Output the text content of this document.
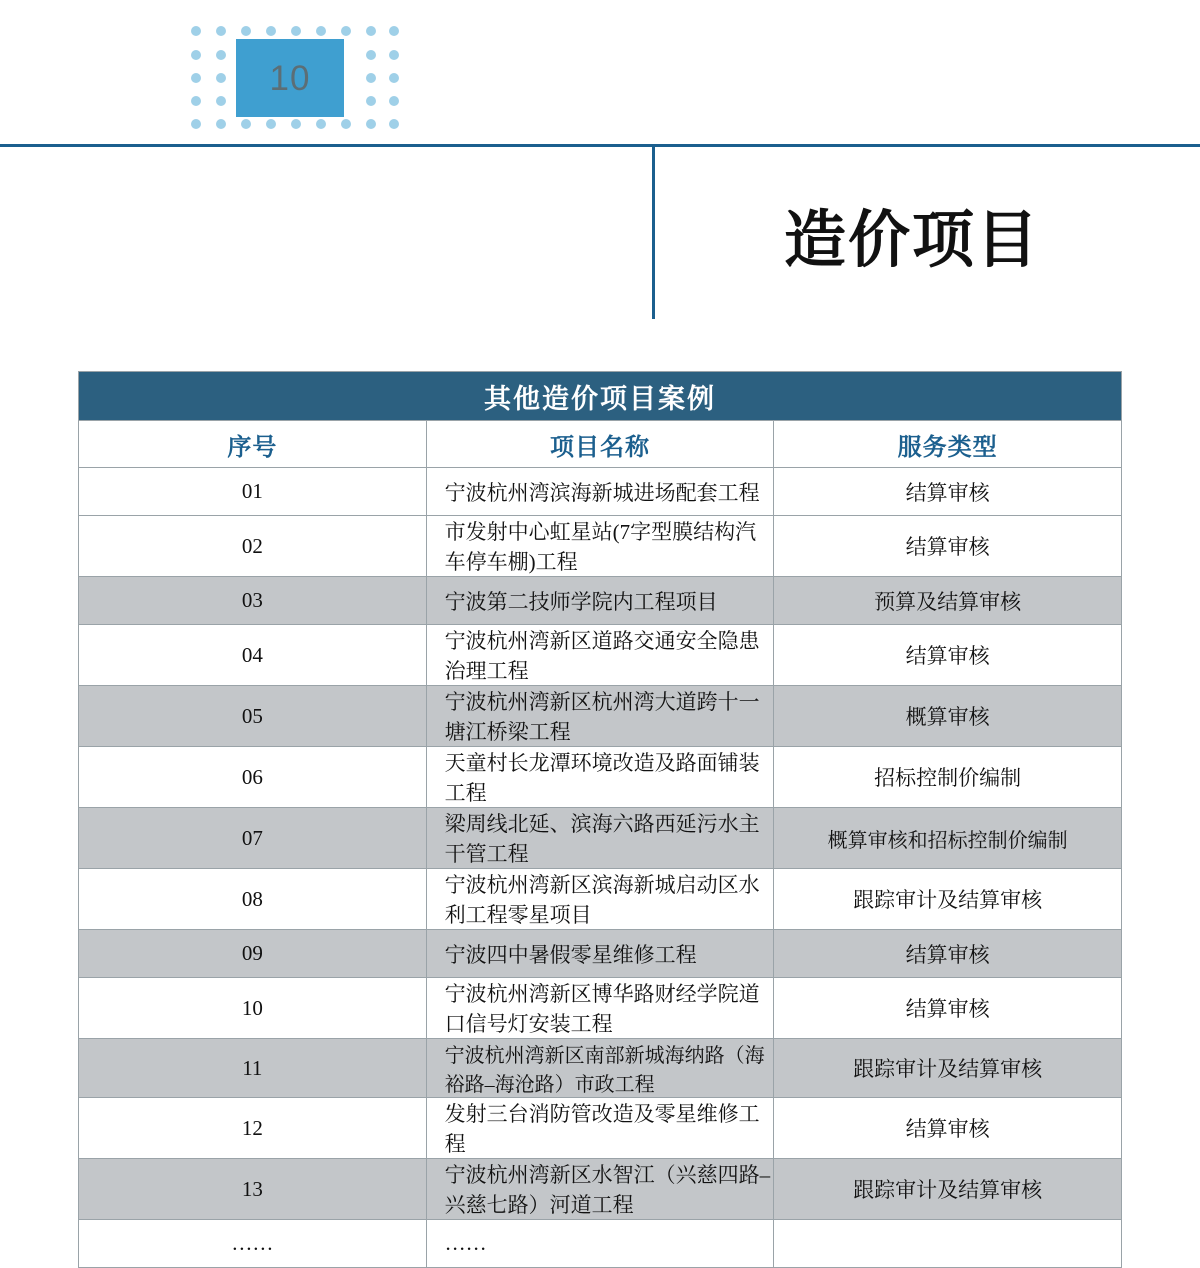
10
造价项目
其他造价项目案例		
序号	项目名称	服务类型
01	宁波杭州湾滨海新城进场配套工程	结算审核
02	市发射中心虹星站(7字型膜结构汽车停车棚)工程	结算审核
03	宁波第二技师学院内工程项目	预算及结算审核
04	宁波杭州湾新区道路交通安全隐患治理工程	结算审核
05	宁波杭州湾新区杭州湾大道跨十一塘江桥梁工程	概算审核
06	天童村长龙潭环境改造及路面铺装工程	招标控制价编制
07	梁周线北延、滨海六路西延污水主干管工程	概算审核和招标控制价编制
08	宁波杭州湾新区滨海新城启动区水利工程零星项目	跟踪审计及结算审核
09	宁波四中暑假零星维修工程	结算审核
10	宁波杭州湾新区博华路财经学院道口信号灯安装工程	结算审核
11	宁波杭州湾新区南部新城海纳路（海裕路–海沧路）市政工程	跟踪审计及结算审核
12	发射三台消防管改造及零星维修工程	结算审核
13	宁波杭州湾新区水智江（兴慈四路–兴慈七路）河道工程	跟踪审计及结算审核
……	……	
